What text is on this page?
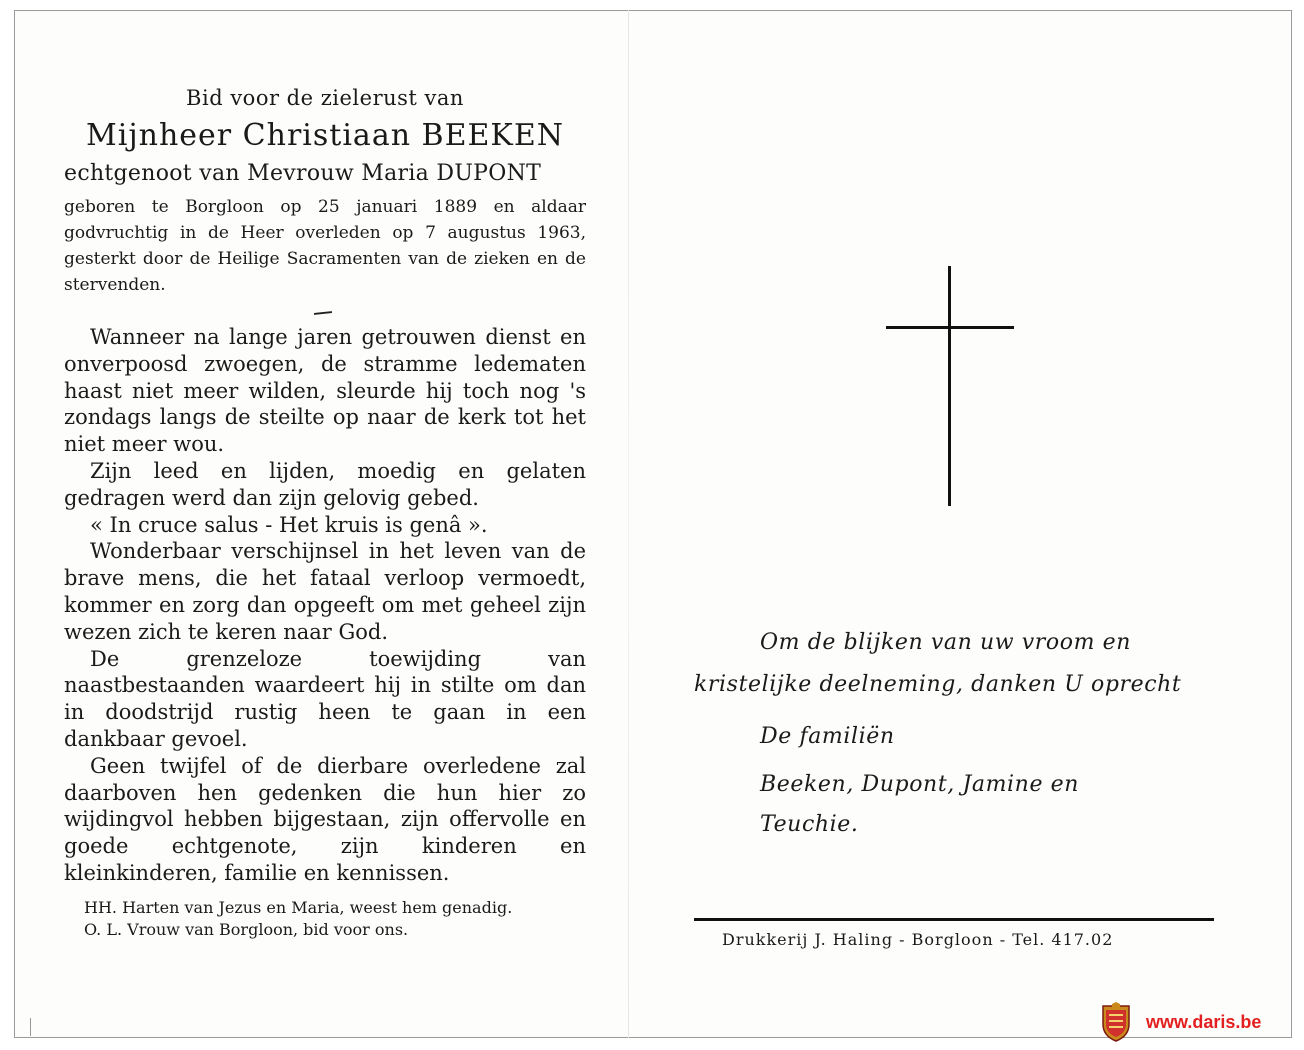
Bid voor de zielerust van

Mijnheer Christiaan BEEKEN

echtgenoot van Mevrouw Maria DUPONT

geboren te Borgloon op 25 januari 1889 en aldaar godvruchtig in de Heer overleden op 7 augustus 1963, gesterkt door de Heilige Sacramenten van de zieken en de stervenden.

Wanneer na lange jaren getrouwen dienst en onverpoosd zwoegen, de stramme ledematen haast niet meer wilden, sleurde hij toch nog 's zondags langs de steilte op naar de kerk tot het niet meer wou.

Zijn leed en lijden, moedig en gelaten gedragen werd dan zijn gelovig gebed.

« In cruce salus - Het kruis is genâ ».

Wonderbaar verschijnsel in het leven van de brave mens, die het fataal verloop vermoedt, kommer en zorg dan opgeeft om met geheel zijn wezen zich te keren naar God.

De grenzeloze toewijding van naastbestaanden waardeert hij in stilte om dan in doodstrijd rustig heen te gaan in een dankbaar gevoel.

Geen twijfel of de dierbare overledene zal daarboven hen gedenken die hun hier zo wijdingvol hebben bijgestaan, zijn offervolle en goede echtgenote, zijn kinderen en kleinkinderen, familie en kennissen.

HH. Harten van Jezus en Maria, weest hem genadig.

O. L. Vrouw van Borgloon, bid voor ons.

Om de blijken van uw vroom en

kristelijke deelneming, danken U oprecht

De familiën

Beeken, Dupont, Jamine en

Teuchie.

Drukkerij J. Haling - Borgloon - Tel. 417.02

www.daris.be
